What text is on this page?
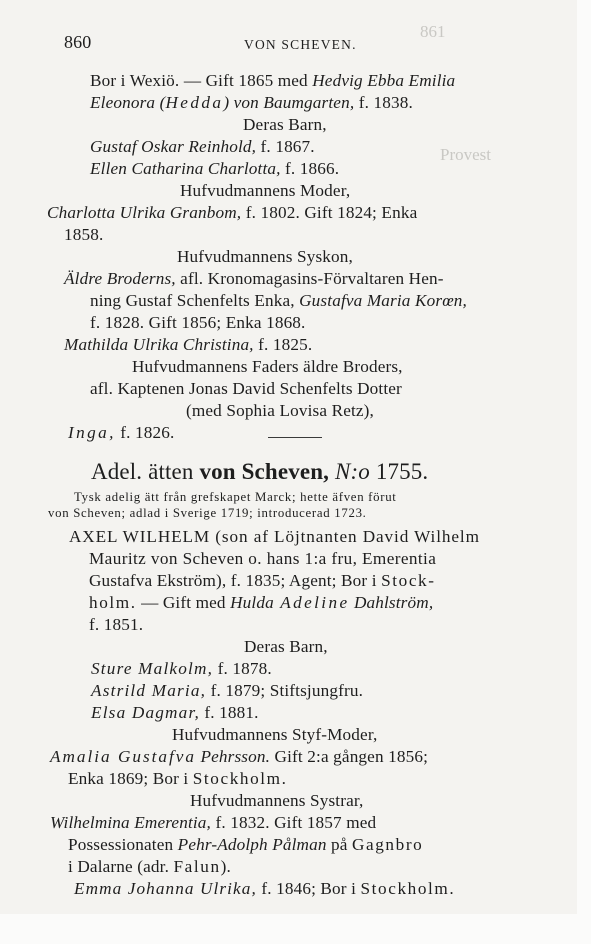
861
Provest
860	VON SCHEVEN.
Bor i Wexiö. — Gift 1865 med Hedvig Ebba Emilia
Eleonora (Hedda) von Baumgarten, f. 1838.
Deras Barn,
Gustaf Oskar Reinhold, f. 1867.
Ellen Catharina Charlotta, f. 1866.
Hufvudmannens Moder,
Charlotta Ulrika Granbom, f. 1802. Gift 1824; Enka
1858.
Hufvudmannens Syskon,
Äldre Broderns, afl. Kronomagasins-Förvaltaren Hen-
ning Gustaf Schenfelts Enka, Gustafva Maria Korœn,
f. 1828. Gift 1856; Enka 1868.
Mathilda Ulrika Christina, f. 1825.
Hufvudmannens Faders äldre Broders,
afl. Kaptenen Jonas David Schenfelts Dotter
(med Sophia Lovisa Retz),
Inga, f. 1826.
Adel. ätten von Scheven, N:o 1755.
Tysk adelig ätt från grefskapet Marck; hette äfven förut
von Scheven; adlad i Sverige 1719; introducerad 1723.
AXEL WILHELM (son af Löjtnanten David Wilhelm
Mauritz von Scheven o. hans 1:a fru, Emerentia
Gustafva Ekström), f. 1835; Agent; Bor i Stock-
holm. — Gift med Hulda Adeline Dahlström,
f. 1851.
Deras Barn,
Sture Malkolm, f. 1878.
Astrild Maria, f. 1879; Stiftsjungfru.
Elsa Dagmar, f. 1881.
Hufvudmannens Styf-Moder,
Amalia Gustafva Pehrsson. Gift 2:a gången 1856;
Enka 1869; Bor i Stockholm.
Hufvudmannens Systrar,
Wilhelmina Emerentia, f. 1832. Gift 1857 med
Possessionaten Pehr-Adolph Pålman på Gagnbro
i Dalarne (adr. Falun).
Emma Johanna Ulrika, f. 1846; Bor i Stockholm.
